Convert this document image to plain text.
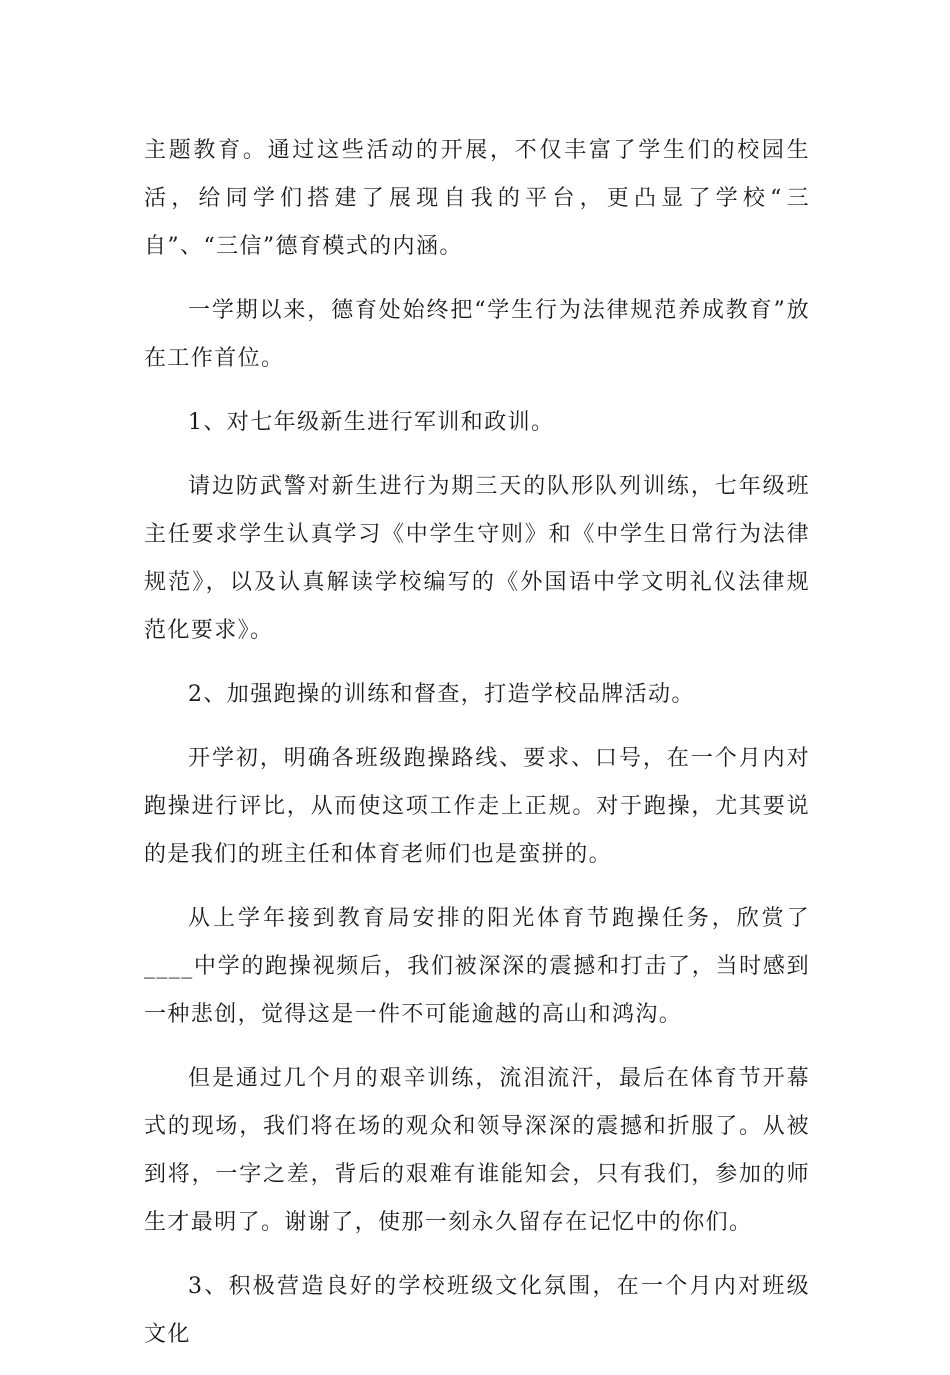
主题教育。通过这些活动的开展，不仅丰富了学生们的校园生活，给同学们搭建了展现自我的平台，更凸显了学校“三自”、“三信”德育模式的内涵。

一学期以来，德育处始终把“学生行为法律规范养成教育”放在工作首位。

1、对七年级新生进行军训和政训。

请边防武警对新生进行为期三天的队形队列训练，七年级班主任要求学生认真学习《中学生守则》和《中学生日常行为法律规范》，以及认真解读学校编写的《外国语中学文明礼仪法律规范化要求》。

2、加强跑操的训练和督查，打造学校品牌活动。

开学初，明确各班级跑操路线、要求、口号，在一个月内对跑操进行评比，从而使这项工作走上正规。对于跑操，尤其要说的是我们的班主任和体育老师们也是蛮拼的。

从上学年接到教育局安排的阳光体育节跑操任务，欣赏了____中学的跑操视频后，我们被深深的震撼和打击了，当时感到一种悲创，觉得这是一件不可能逾越的高山和鸿沟。

但是通过几个月的艰辛训练，流泪流汗，最后在体育节开幕式的现场，我们将在场的观众和领导深深的震撼和折服了。从被到将，一字之差，背后的艰难有谁能知会，只有我们，参加的师生才最明了。谢谢了，使那一刻永久留存在记忆中的你们。

3、积极营造良好的学校班级文化氛围，在一个月内对班级文化
